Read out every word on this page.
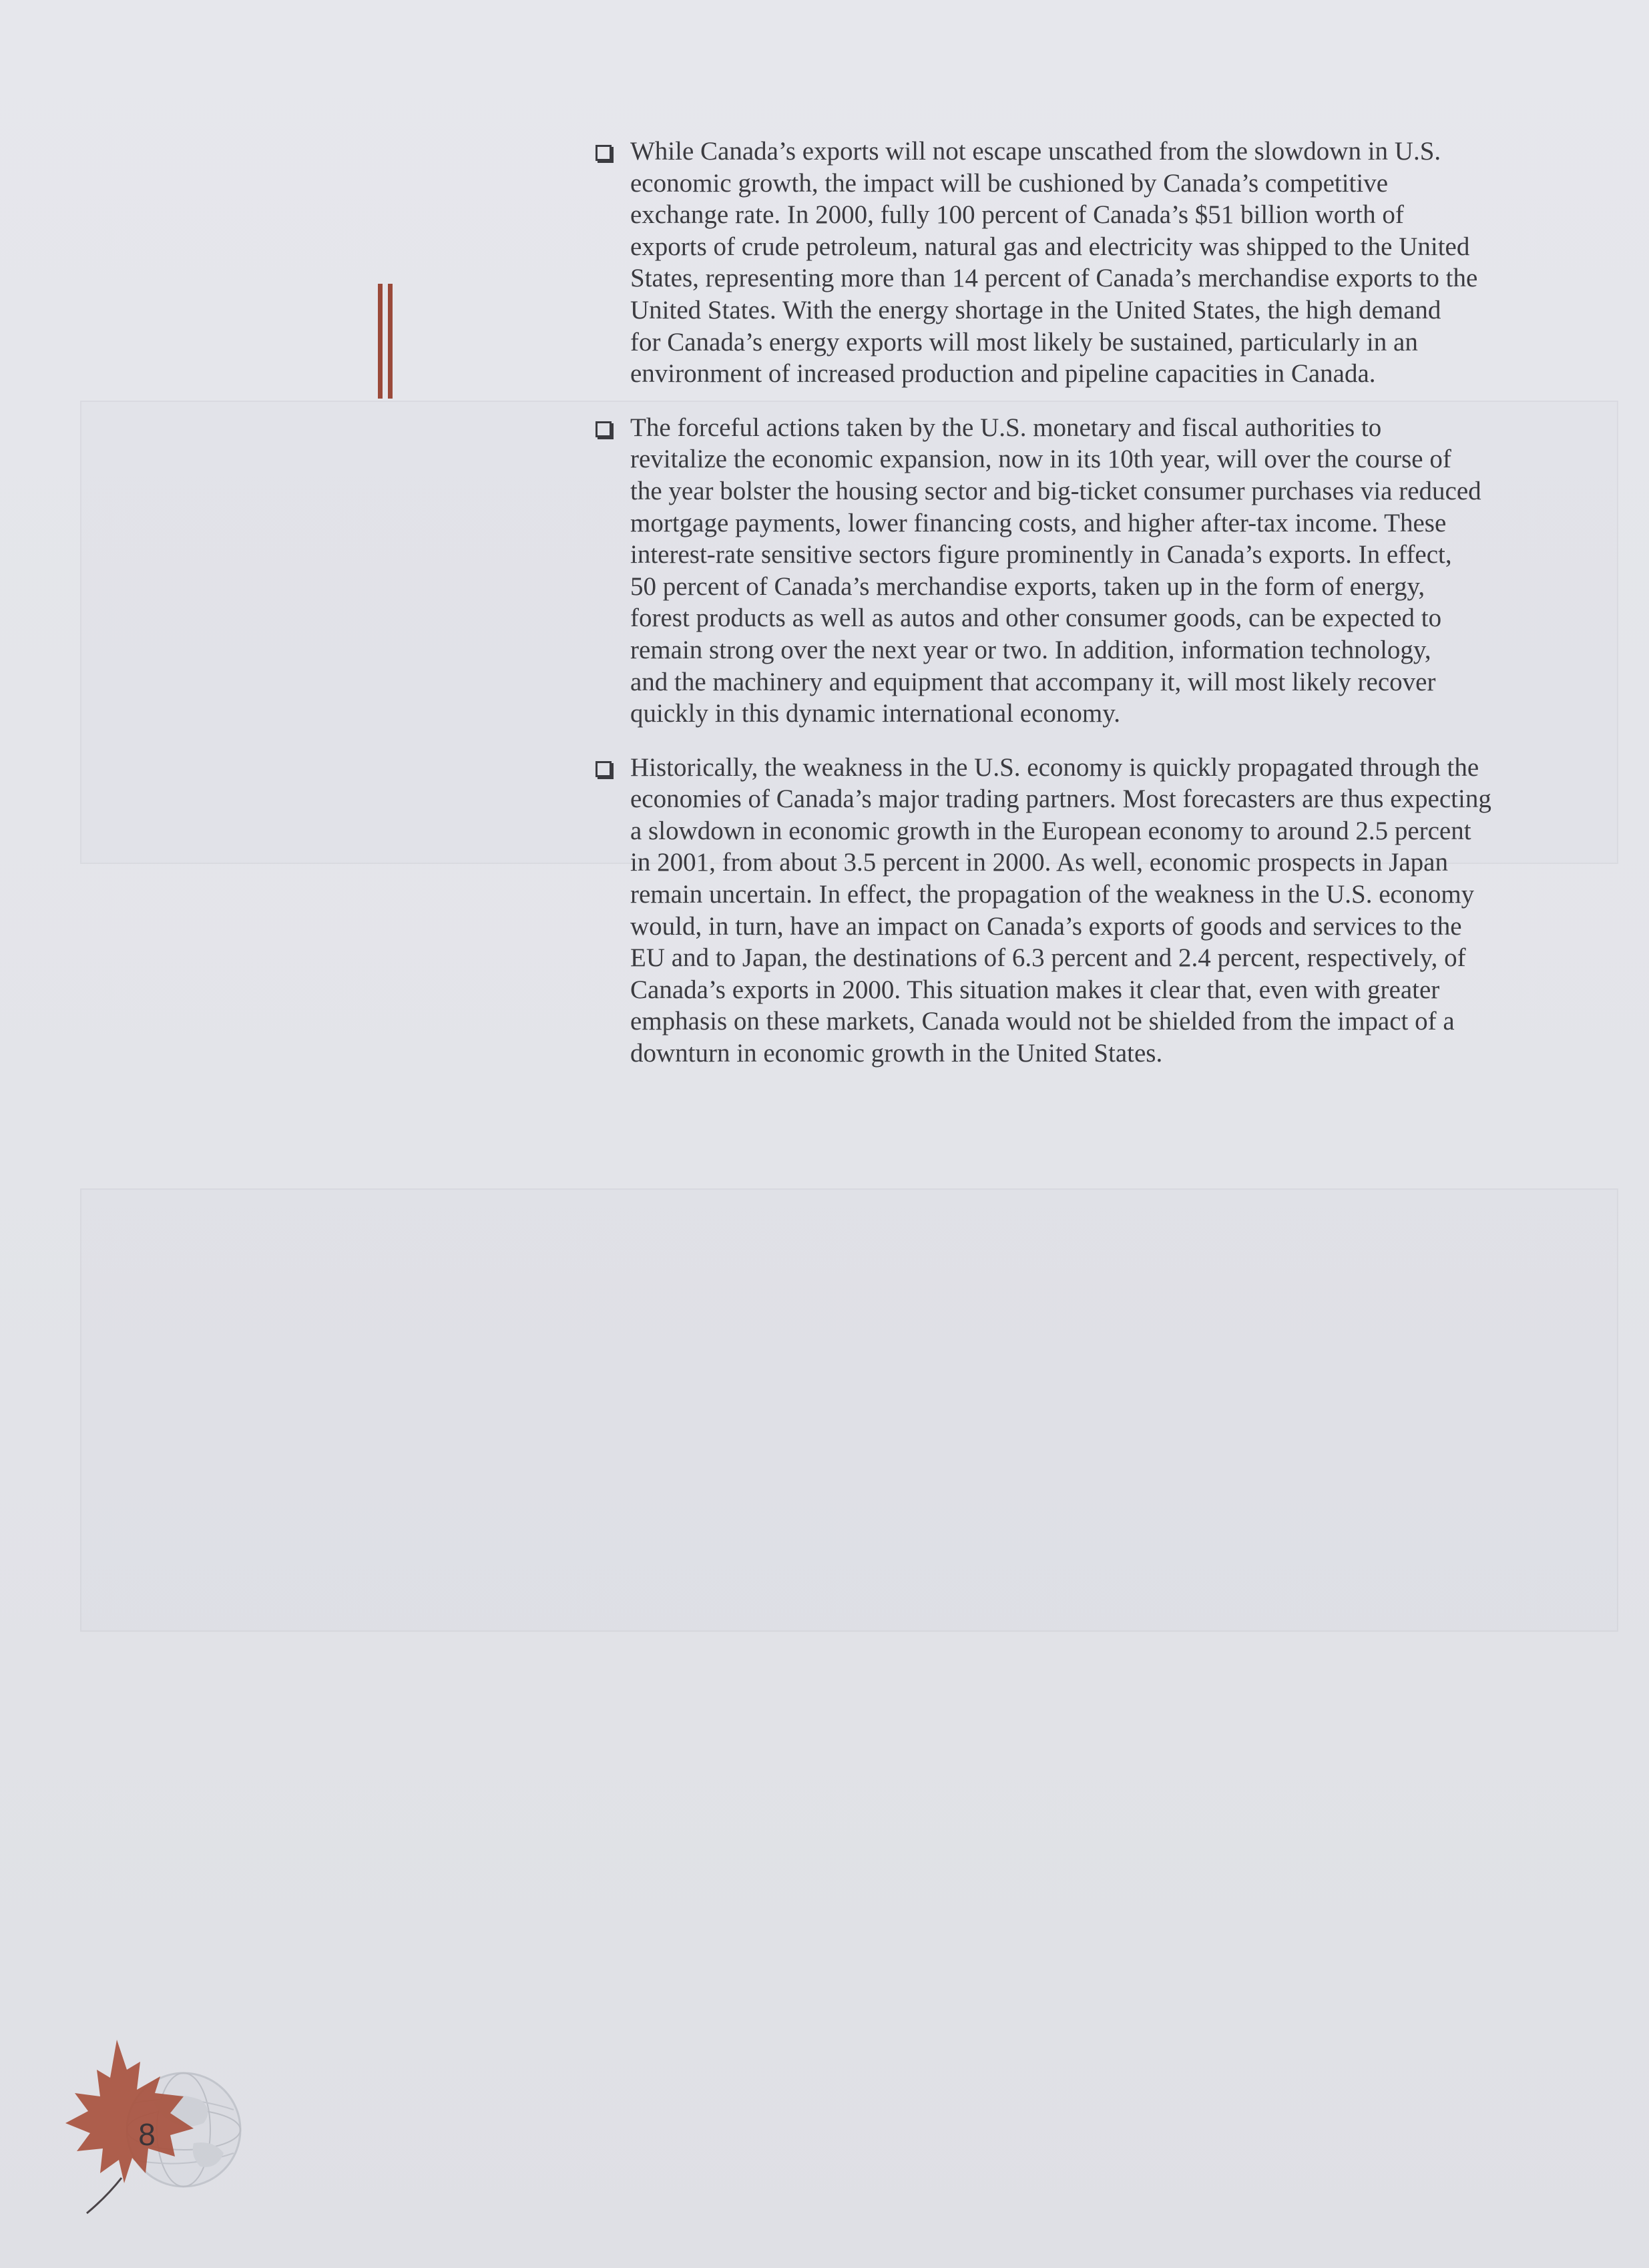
While Canada’s exports will not escape unscathed from the slowdown in U.S.
economic growth, the impact will be cushioned by Canada’s competitive
exchange rate. In 2000, fully 100 percent of Canada’s $51 billion worth of
exports of crude petroleum, natural gas and electricity was shipped to the United
States, representing more than 14 percent of Canada’s merchandise exports to the
United States. With the energy shortage in the United States, the high demand
for Canada’s energy exports will most likely be sustained, particularly in an
environment of increased production and pipeline capacities in Canada.
The forceful actions taken by the U.S. monetary and fiscal authorities to
revitalize the economic expansion, now in its 10th year, will over the course of
the year bolster the housing sector and big-ticket consumer purchases via reduced
mortgage payments, lower financing costs, and higher after-tax income. These
interest-rate sensitive sectors figure prominently in Canada’s exports. In effect,
50 percent of Canada’s merchandise exports, taken up in the form of energy,
forest products as well as autos and other consumer goods, can be expected to
remain strong over the next year or two. In addition, information technology,
and the machinery and equipment that accompany it, will most likely recover
quickly in this dynamic international economy.
Historically, the weakness in the U.S. economy is quickly propagated through the
economies of Canada’s major trading partners. Most forecasters are thus expecting
a slowdown in economic growth in the European economy to around 2.5 percent
in 2001, from about 3.5 percent in 2000. As well, economic prospects in Japan
remain uncertain. In effect, the propagation of the weakness in the U.S. economy
would, in turn, have an impact on Canada’s exports of goods and services to the
EU and to Japan, the destinations of 6.3 percent and 2.4 percent, respectively, of
Canada’s exports in 2000. This situation makes it clear that, even with greater
emphasis on these markets, Canada would not be shielded from the impact of a
downturn in economic growth in the United States.
8
